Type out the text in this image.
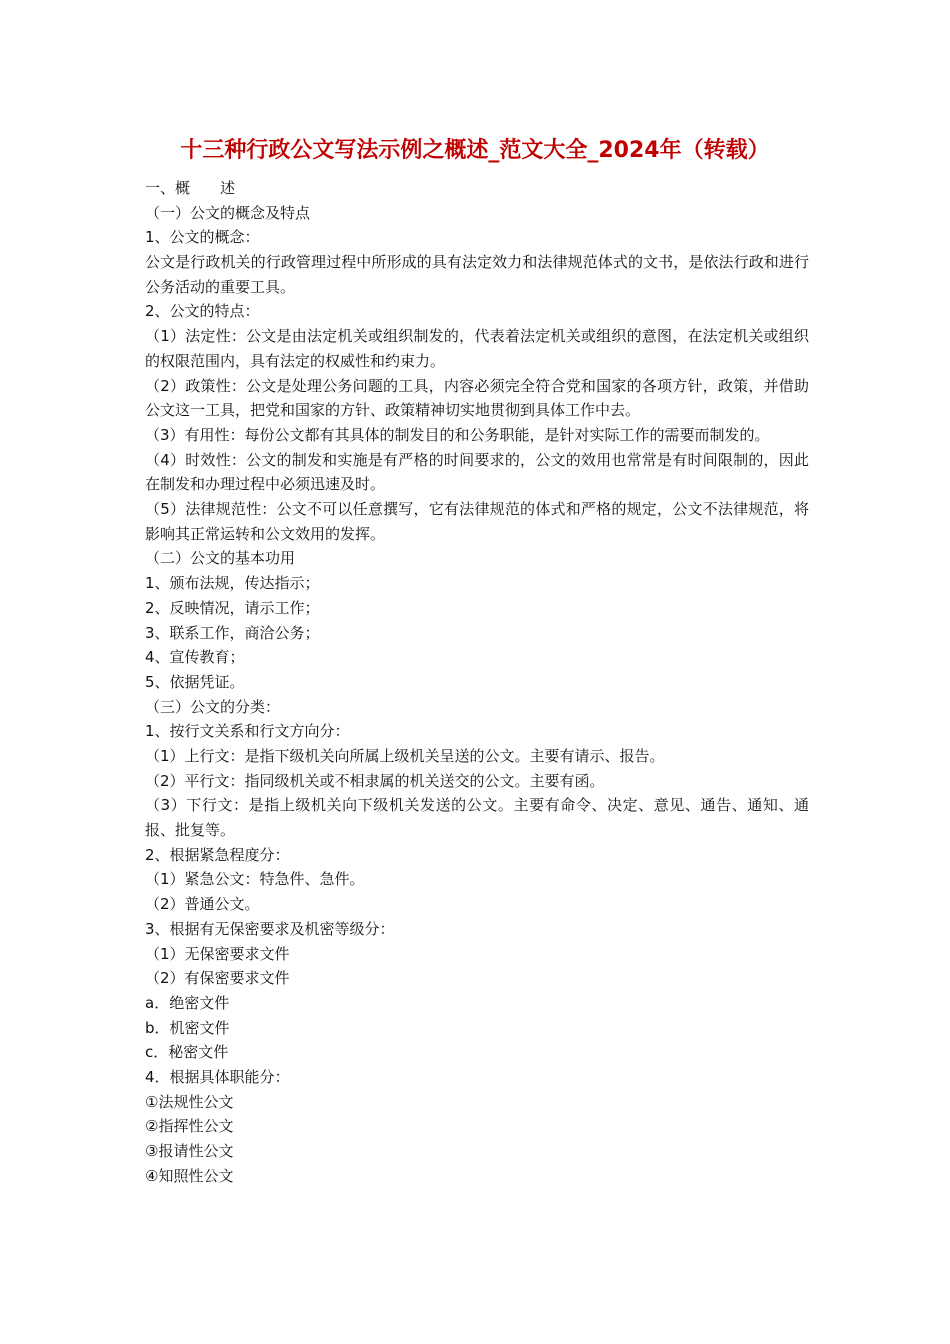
十三种行政公文写法示例之概述_范文大全_2024年（转载）
一、概　　述
（一）公文的概念及特点
1、公文的概念：
公文是行政机关的行政管理过程中所形成的具有法定效力和法律规范体式的文书，是依法行政和进行公务活动的重要工具。
2、公文的特点：
（1）法定性：公文是由法定机关或组织制发的，代表着法定机关或组织的意图，在法定机关或组织的权限范围内，具有法定的权威性和约束力。
（2）政策性：公文是处理公务问题的工具，内容必须完全符合党和国家的各项方针，政策，并借助公文这一工具，把党和国家的方针、政策精神切实地贯彻到具体工作中去。
（3）有用性：每份公文都有其具体的制发目的和公务职能，是针对实际工作的需要而制发的。
（4）时效性：公文的制发和实施是有严格的时间要求的，公文的效用也常常是有时间限制的，因此在制发和办理过程中必须迅速及时。
（5）法律规范性：公文不可以任意撰写，它有法律规范的体式和严格的规定，公文不法律规范，将影响其正常运转和公文效用的发挥。
（二）公文的基本功用
1、颁布法规，传达指示；
2、反映情况，请示工作；
3、联系工作，商洽公务；
4、宣传教育；
5、依据凭证。
（三）公文的分类：
1、按行文关系和行文方向分：
（1）上行文：是指下级机关向所属上级机关呈送的公文。主要有请示、报告。
（2）平行文：指同级机关或不相隶属的机关送交的公文。主要有函。
（3）下行文：是指上级机关向下级机关发送的公文。主要有命令、决定、意见、通告、通知、通报、批复等。
2、根据紧急程度分：
（1）紧急公文：特急件、急件。
（2）普通公文。
3、根据有无保密要求及机密等级分：
（1）无保密要求文件
（2）有保密要求文件
a．绝密文件
b．机密文件
c．秘密文件
4．根据具体职能分：
①法规性公文
②指挥性公文
③报请性公文
④知照性公文
